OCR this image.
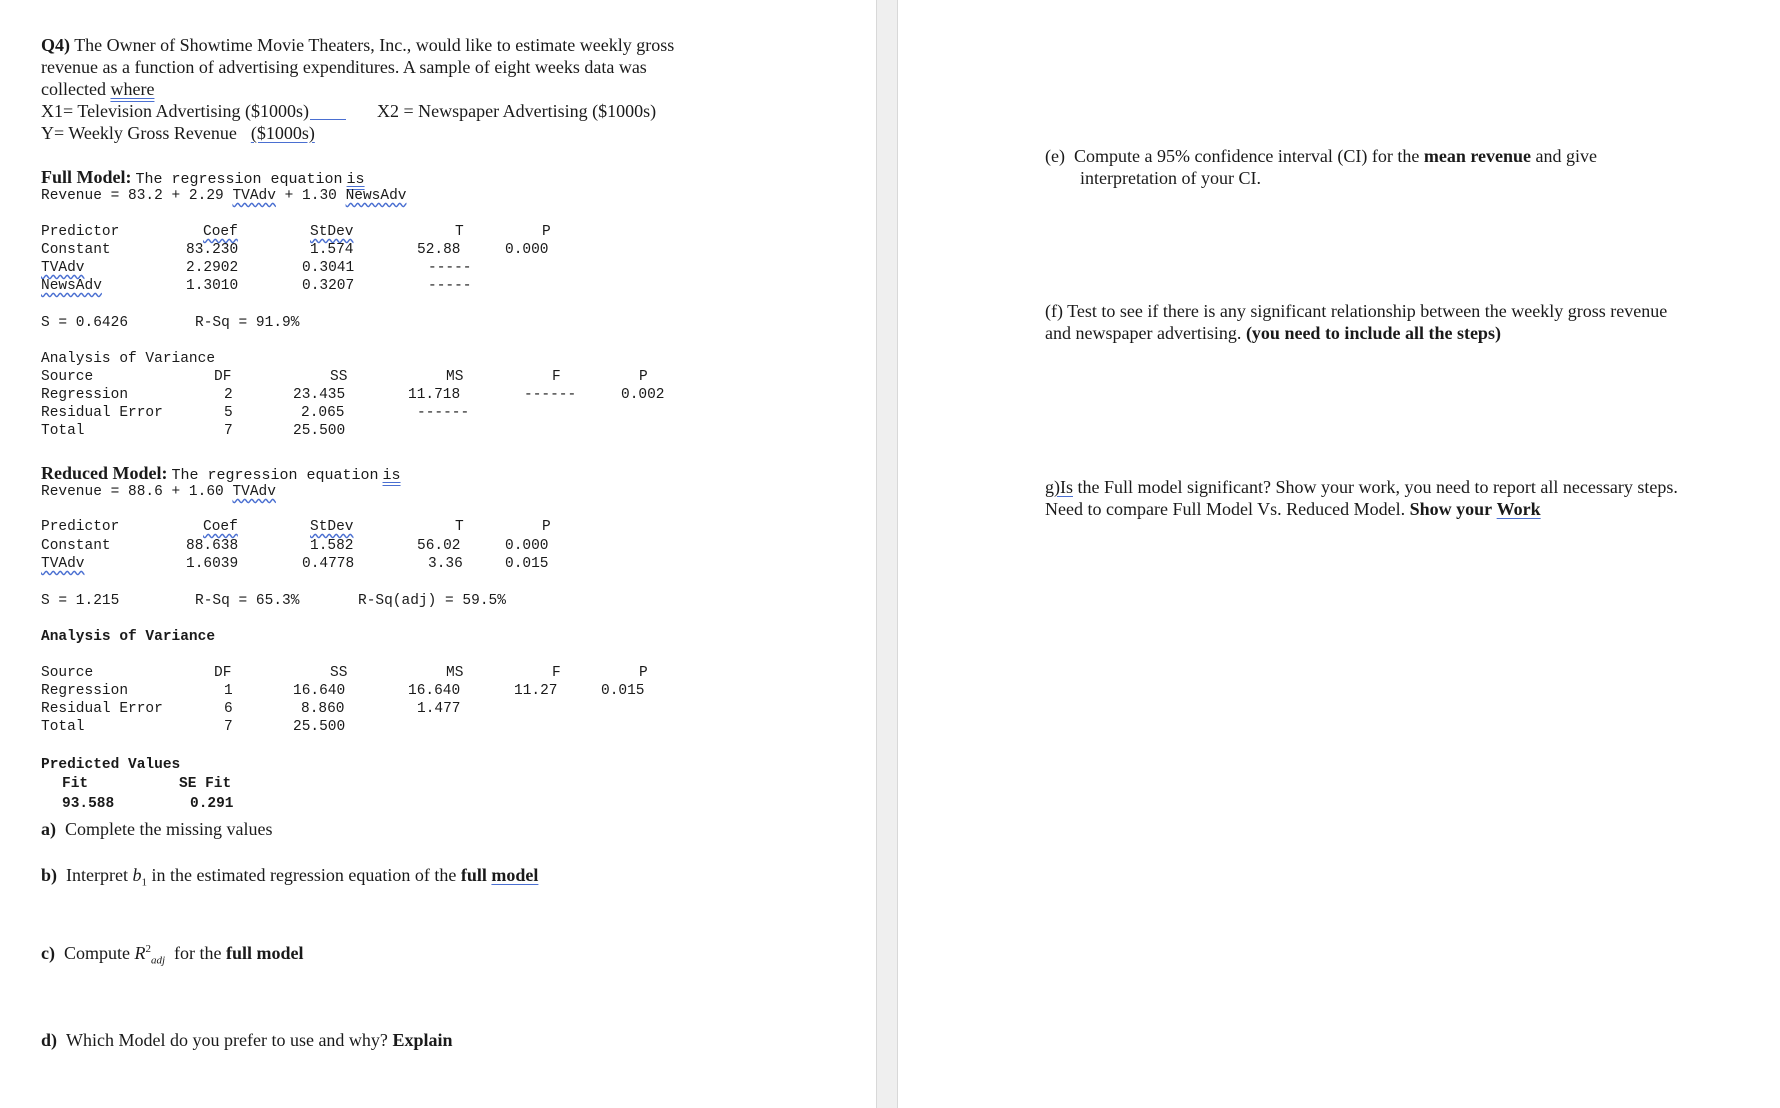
Q4) The Owner of Showtime Movie Theaters, Inc., would like to estimate weekly gross
revenue as a function of advertising expenditures. A sample of eight weeks data was
collected where
X1= Television Advertising ($1000s)	X2 = Newspaper Advertising ($1000s)
Y= Weekly Gross Revenue ($1000s)
Full Model: The regression equation is
Revenue = 83.2 + 2.29 TVAdv + 1.30 NewsAdv
Predictor	Coef	StDev	T	P
Constant	83.230	1.574	52.88	0.000
TVAdv	2.2902	0.3041	-----
NewsAdv	1.3010	0.3207	-----
S = 0.6426	R-Sq = 91.9%
Analysis of Variance
Source	DF	SS	MS	F	P
Regression	2	23.435	11.718	------	0.002
Residual Error	5	2.065	------
Total	7	25.500
Reduced Model: The regression equation is
Revenue = 88.6 + 1.60 TVAdv
Predictor	Coef	StDev	T	P
Constant	88.638	1.582	56.02	0.000
TVAdv	1.6039	0.4778	3.36	0.015
S = 1.215	R-Sq = 65.3%	R-Sq(adj) = 59.5%
Analysis of Variance
Source	DF	SS	MS	F	P
Regression	1	16.640	16.640	11.27	0.015
Residual Error	6	8.860	1.477
Total	7	25.500
Predicted Values
Fit	SE Fit
93.588	0.291
a) Complete the missing values
b) Interpret $b_1$ in the estimated regression equation of the full model
c) Compute $R^2_{adj}$ for the full model
d) Which Model do you prefer to use and why? Explain
(e) Compute a 95% confidence interval (CI) for the mean revenue and give
interpretation of your CI.
(f) Test to see if there is any significant relationship between the weekly gross revenue
and newspaper advertising. (you need to include all the steps)
g)Is the Full model significant? Show your work, you need to report all necessary steps.
Need to compare Full Model Vs. Reduced Model. Show your Work
